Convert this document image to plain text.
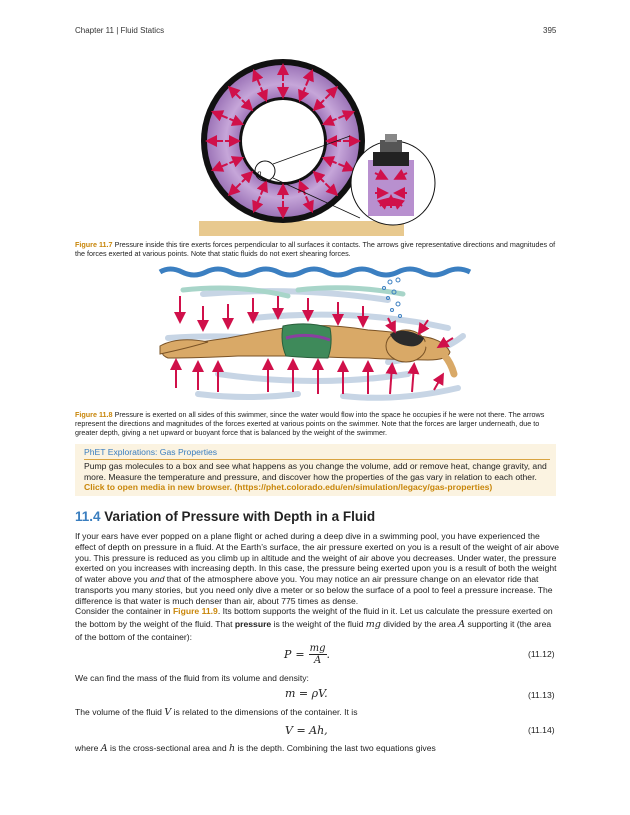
Chapter 11 | Fluid Statics	395
n
Figure 11.7 Pressure inside this tire exerts forces perpendicular to all surfaces it contacts. The arrows give representative directions and magnitudes of the forces exerted at various points. Note that static fluids do not exert shearing forces.
Figure 11.8 Pressure is exerted on all sides of this swimmer, since the water would flow into the space he occupies if he were not there. The arrows represent the directions and magnitudes of the forces exerted at various points on the swimmer. Note that the forces are larger underneath, due to greater depth, giving a net upward or buoyant force that is balanced by the weight of the swimmer.
PhET Explorations: Gas Properties
Pump gas molecules to a box and see what happens as you change the volume, add or remove heat, change gravity, and more. Measure the temperature and pressure, and discover how the properties of the gas vary in relation to each other. Click to open media in new browser. (https://phet.colorado.edu/en/simulation/legacy/gas-properties)
11.4 Variation of Pressure with Depth in a Fluid
If your ears have ever popped on a plane flight or ached during a deep dive in a swimming pool, you have experienced the effect of depth on pressure in a fluid. At the Earth’s surface, the air pressure exerted on you is a result of the weight of air above you. This pressure is reduced as you climb up in altitude and the weight of air above you decreases. Under water, the pressure exerted on you increases with increasing depth. In this case, the pressure being exerted upon you is a result of both the weight of water above you and that of the atmosphere above you. You may notice an air pressure change on an elevator ride that transports you many stories, but you need only dive a meter or so below the surface of a pool to feel a pressure increase. The difference is that water is much denser than air, about 775 times as dense.
Consider the container in Figure 11.9. Its bottom supports the weight of the fluid in it. Let us calculate the pressure exerted on the bottom by the weight of the fluid. That pressure is the weight of the fluid mg divided by the area A supporting it (the area of the bottom of the container):
$P = \frac{mg}{A}$ .	(11.12)
We can find the mass of the fluid from its volume and density:
m = ρV.	(11.13)
The volume of the fluid V is related to the dimensions of the container. It is
V = Ah,	(11.14)
where A is the cross-sectional area and h is the depth. Combining the last two equations gives
